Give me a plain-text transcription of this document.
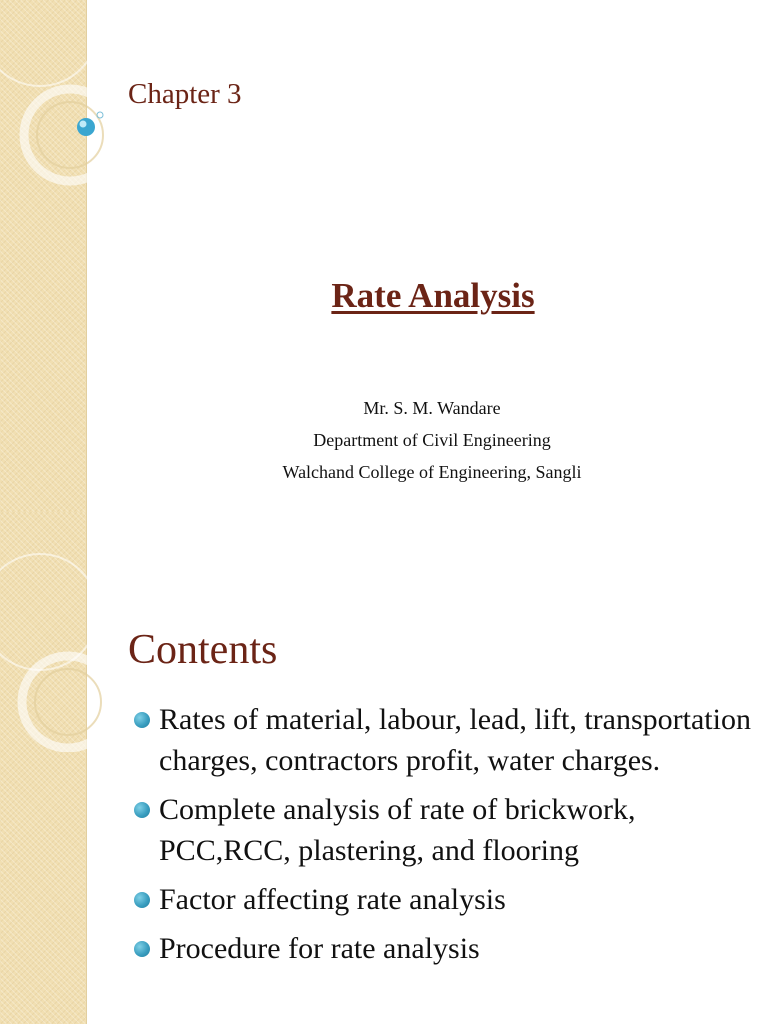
Chapter 3
Rate Analysis
Mr. S. M. Wandare
Department of Civil Engineering
Walchand College of Engineering, Sangli
Contents
Rates of material, labour, lead, lift, transportation charges, contractors profit, water charges.
Complete analysis of rate of brickwork, PCC,RCC, plastering, and flooring
Factor affecting rate analysis
Procedure for rate analysis
